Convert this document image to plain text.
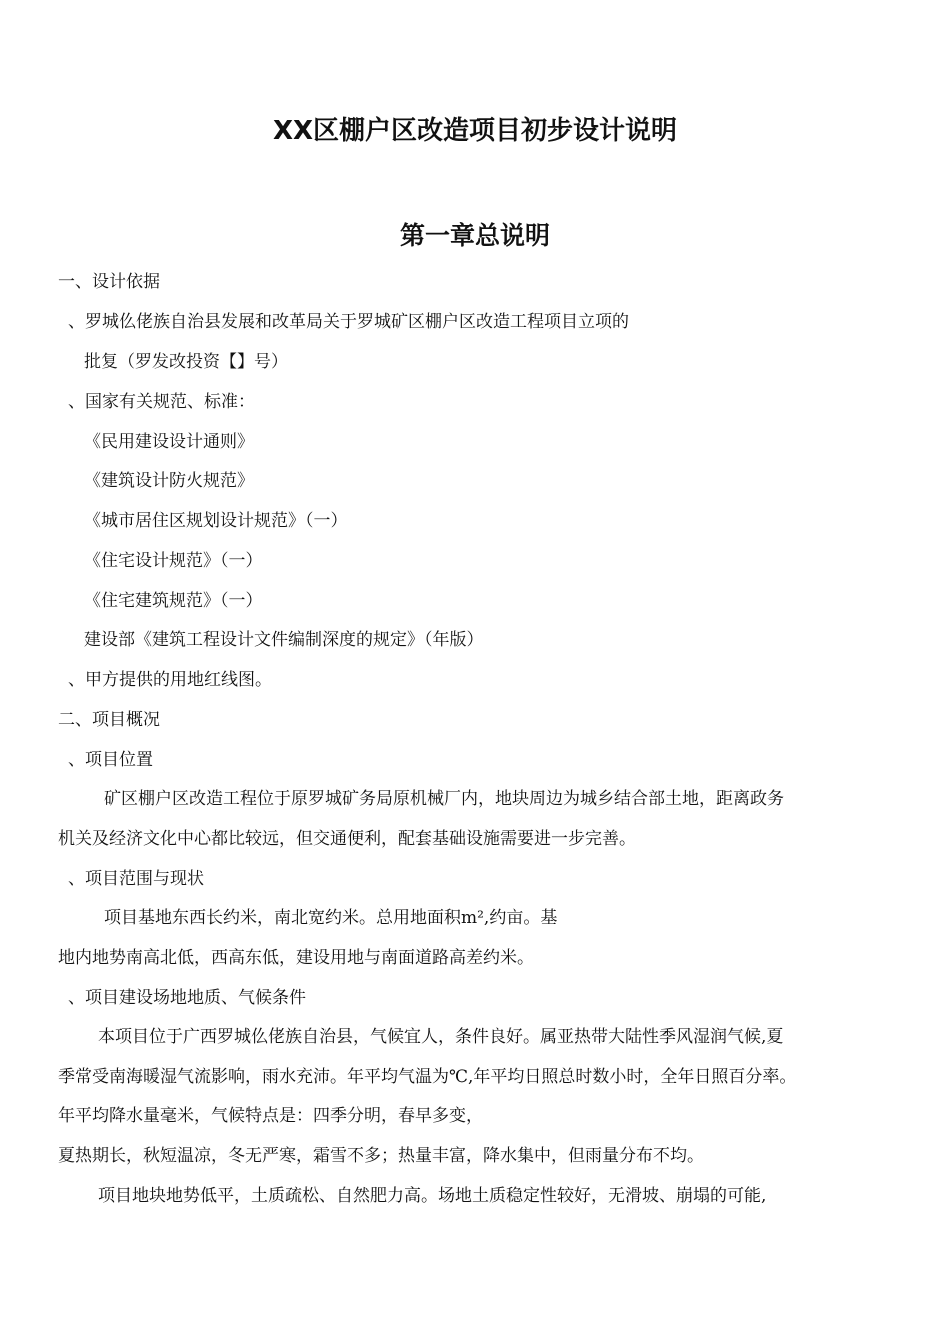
XX区棚户区改造项目初步设计说明
第一章总说明
一、设计依据
、罗城仫佬族自治县发展和改革局关于罗城矿区棚户区改造工程项目立项的
批复（罗发改投资【】号）
、国家有关规范、标准：
《民用建设设计通则》
《建筑设计防火规范》
《城市居住区规划设计规范》（一）
《住宅设计规范》（一）
《住宅建筑规范》（一）
建设部《建筑工程设计文件编制深度的规定》（年版）
、甲方提供的用地红线图。
二、项目概况
、项目位置
矿区棚户区改造工程位于原罗城矿务局原机械厂内，地块周边为城乡结合部土地，距离政务
机关及经济文化中心都比较远，但交通便利，配套基础设施需要进一步完善。
、项目范围与现状
项目基地东西长约米，南北宽约米。总用地面积m²,约亩。基
地内地势南高北低，西高东低，建设用地与南面道路高差约米。
、项目建设场地地质、气候条件
本项目位于广西罗城仫佬族自治县，气候宜人，条件良好。属亚热带大陆性季风湿润气候,夏
季常受南海暖湿气流影响，雨水充沛。年平均气温为℃,年平均日照总时数小时，全年日照百分率。
年平均降水量毫米，气候特点是：四季分明，春早多变，
夏热期长，秋短温凉，冬无严寒，霜雪不多；热量丰富，降水集中，但雨量分布不均。
项目地块地势低平，土质疏松、自然肥力高。场地土质稳定性较好，无滑坡、崩塌的可能,
